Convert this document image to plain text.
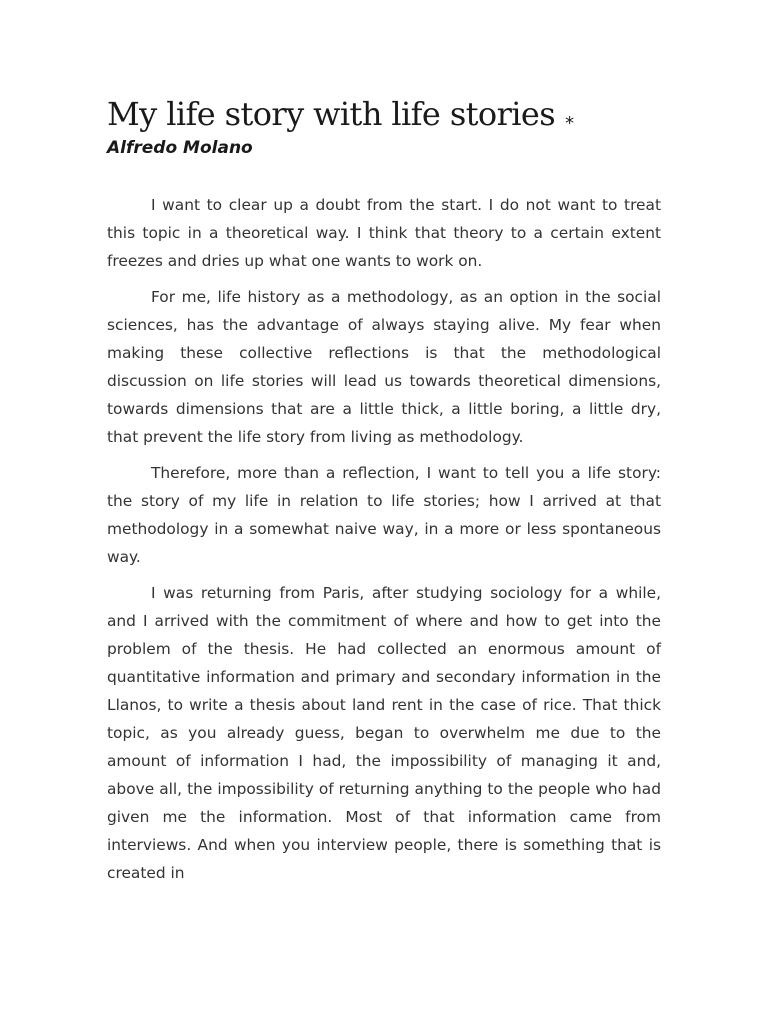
My life story with life stories *

Alfredo Molano

I want to clear up a doubt from the start. I do not want to treat this topic in a theoretical way. I think that theory to a certain extent freezes and dries up what one wants to work on.

For me, life history as a methodology, as an option in the social sciences, has the advantage of always staying alive. My fear when making these collective reflections is that the methodological discussion on life stories will lead us towards theoretical dimensions, towards dimensions that are a little thick, a little boring, a little dry, that prevent the life story from living as methodology.

Therefore, more than a reflection, I want to tell you a life story: the story of my life in relation to life stories; how I arrived at that methodology in a somewhat naive way, in a more or less spontaneous way.

I was returning from Paris, after studying sociology for a while, and I arrived with the commitment of where and how to get into the problem of the thesis. He had collected an enormous amount of quantitative information and primary and secondary information in the Llanos, to write a thesis about land rent in the case of rice. That thick topic, as you already guess, began to overwhelm me due to the amount of information I had, the impossibility of managing it and, above all, the impossibility of returning anything to the people who had given me the information. Most of that information came from interviews. And when you interview people, there is something that is created in
